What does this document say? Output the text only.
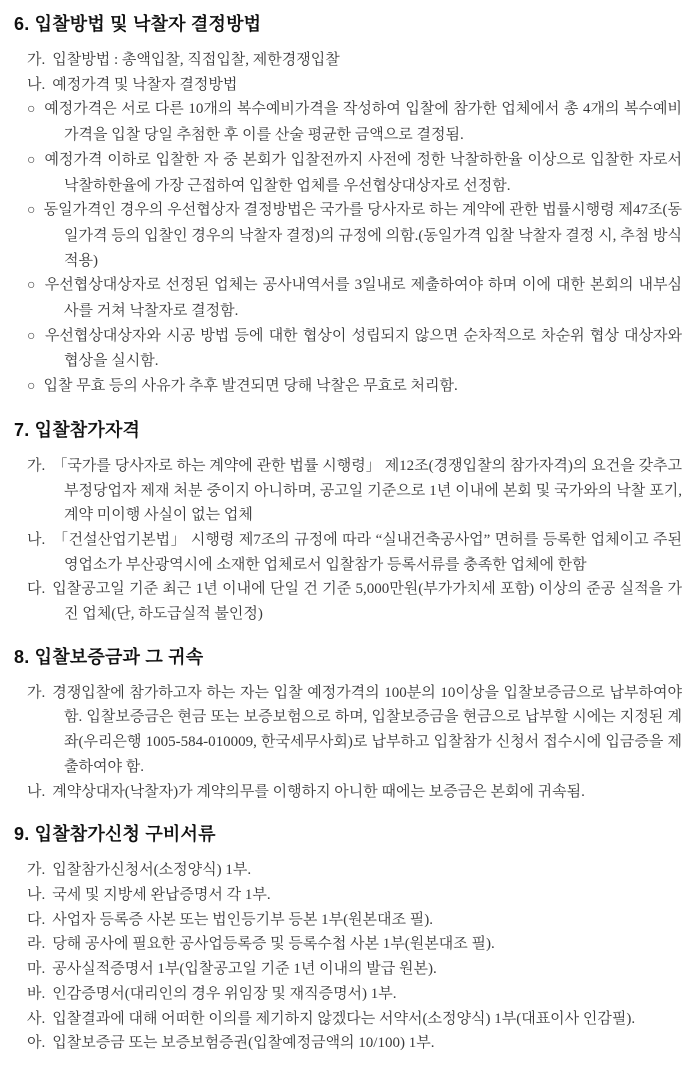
6. 입찰방법 및 낙찰자 결정방법

가. 입찰방법 : 총액입찰, 직접입찰, 제한경쟁입찰

나. 예정가격 및 낙찰자 결정방법

○ 예정가격은 서로 다른 10개의 복수예비가격을 작성하여 입찰에 참가한 업체에서 총 4개의 복수예비가격을 입찰 당일 추첨한 후 이를 산술 평균한 금액으로 결정됨.

○ 예정가격 이하로 입찰한 자 중 본회가 입찰전까지 사전에 정한 낙찰하한율 이상으로 입찰한 자로서 낙찰하한율에 가장 근접하여 입찰한 업체를 우선협상대상자로 선정함.

○ 동일가격인 경우의 우선협상자 결정방법은 국가를 당사자로 하는 계약에 관한 법률시행령 제47조(동일가격 등의 입찰인 경우의 낙찰자 결정)의 규정에 의함.(동일가격 입찰 낙찰자 결정 시, 추첨 방식 적용)

○ 우선협상대상자로 선정된 업체는 공사내역서를 3일내로 제출하여야 하며 이에 대한 본회의 내부심사를 거쳐 낙찰자로 결정함.

○ 우선협상대상자와 시공 방법 등에 대한 협상이 성립되지 않으면 순차적으로 차순위 협상 대상자와 협상을 실시함.

○ 입찰 무효 등의 사유가 추후 발견되면 당해 낙찰은 무효로 처리함.

7. 입찰참가자격

가. 「국가를 당사자로 하는 계약에 관한 법률 시행령」 제12조(경쟁입찰의 참가자격)의 요건을 갖추고 부정당업자 제재 처분 중이지 아니하며, 공고일 기준으로 1년 이내에 본회 및 국가와의 낙찰 포기, 계약 미이행 사실이 없는 업체

나. 「건설산업기본법」 시행령 제7조의 규정에 따라 “실내건축공사업” 면허를 등록한 업체이고 주된 영업소가 부산광역시에 소재한 업체로서 입찰참가 등록서류를 충족한 업체에 한함

다. 입찰공고일 기준 최근 1년 이내에 단일 건 기준 5,000만원(부가가치세 포함) 이상의 준공 실적을 가진 업체(단, 하도급실적 불인정)

8. 입찰보증금과 그 귀속

가. 경쟁입찰에 참가하고자 하는 자는 입찰 예정가격의 100분의 10이상을 입찰보증금으로 납부하여야 함. 입찰보증금은 현금 또는 보증보험으로 하며, 입찰보증금을 현금으로 납부할 시에는 지정된 계좌(우리은행 1005-584-010009, 한국세무사회)로 납부하고 입찰참가 신청서 접수시에 입금증을 제출하여야 함.

나. 계약상대자(낙찰자)가 계약의무를 이행하지 아니한 때에는 보증금은 본회에 귀속됨.

9. 입찰참가신청 구비서류

가. 입찰참가신청서(소정양식) 1부.

나. 국세 및 지방세 완납증명서 각 1부.

다. 사업자 등록증 사본 또는 법인등기부 등본 1부(원본대조 필).

라. 당해 공사에 필요한 공사업등록증 및 등록수첩 사본 1부(원본대조 필).

마. 공사실적증명서 1부(입찰공고일 기준 1년 이내의 발급 원본).

바. 인감증명서(대리인의 경우 위임장 및 재직증명서) 1부.

사. 입찰결과에 대해 어떠한 이의를 제기하지 않겠다는 서약서(소정양식) 1부(대표이사 인감필).

아. 입찰보증금 또는 보증보험증권(입찰예정금액의 10/100) 1부.
